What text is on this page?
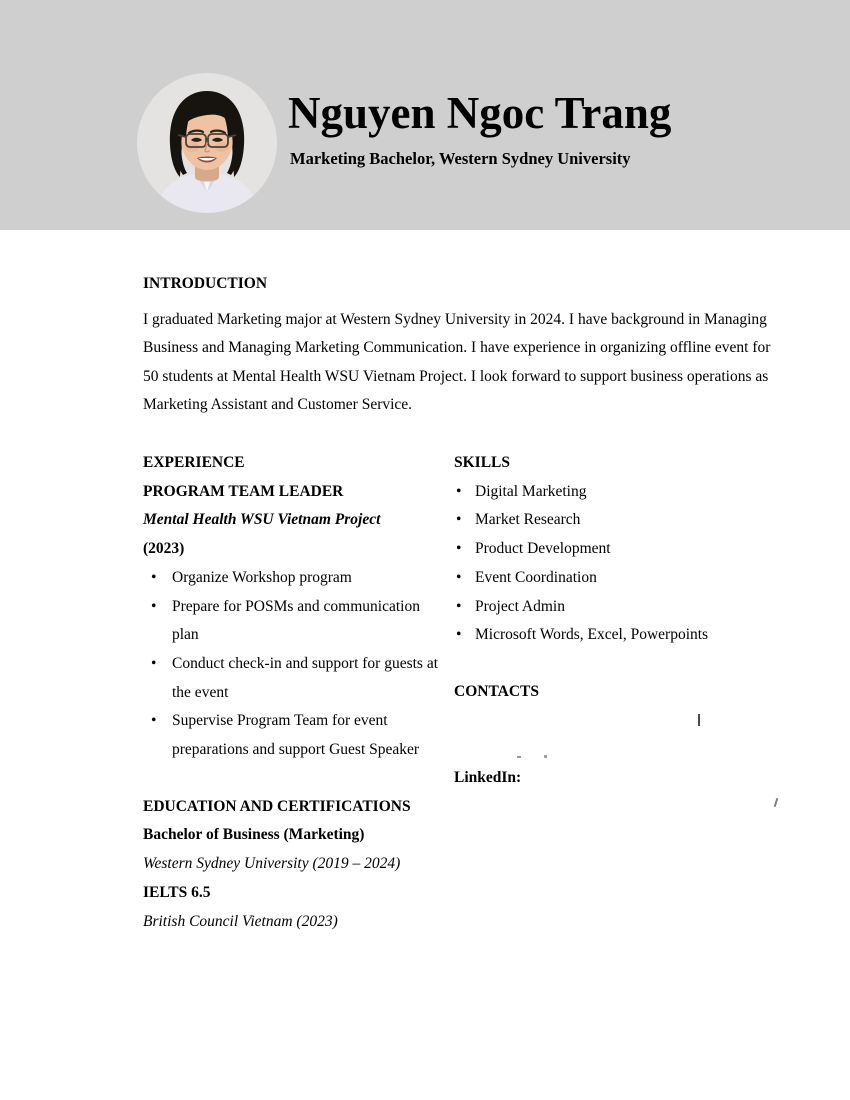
Nguyen Ngoc Trang
Marketing Bachelor, Western Sydney University
INTRODUCTION

I graduated Marketing major at Western Sydney University in 2024. I have background in Managing Business and Managing Marketing Communication. I have experience in organizing offline event for 50 students at Mental Health WSU Vietnam Project. I look forward to support business operations as Marketing Assistant and Customer Service.

EXPERIENCE
PROGRAM TEAM LEADER
Mental Health WSU Vietnam Project
(2023)
• Organize Workshop program
• Prepare for POSMs and communication plan
• Conduct check-in and support for guests at the event
• Supervise Program Team for event preparations and support Guest Speaker
EDUCATION AND CERTIFICATIONS
Bachelor of Business (Marketing)
Western Sydney University (2019 – 2024)
IELTS 6.5
British Council Vietnam (2023)
SKILLS
• Digital Marketing
• Market Research
• Product Development
• Event Coordination
• Project Admin
• Microsoft Words, Excel, Powerpoints
CONTACTS
LinkedIn:
